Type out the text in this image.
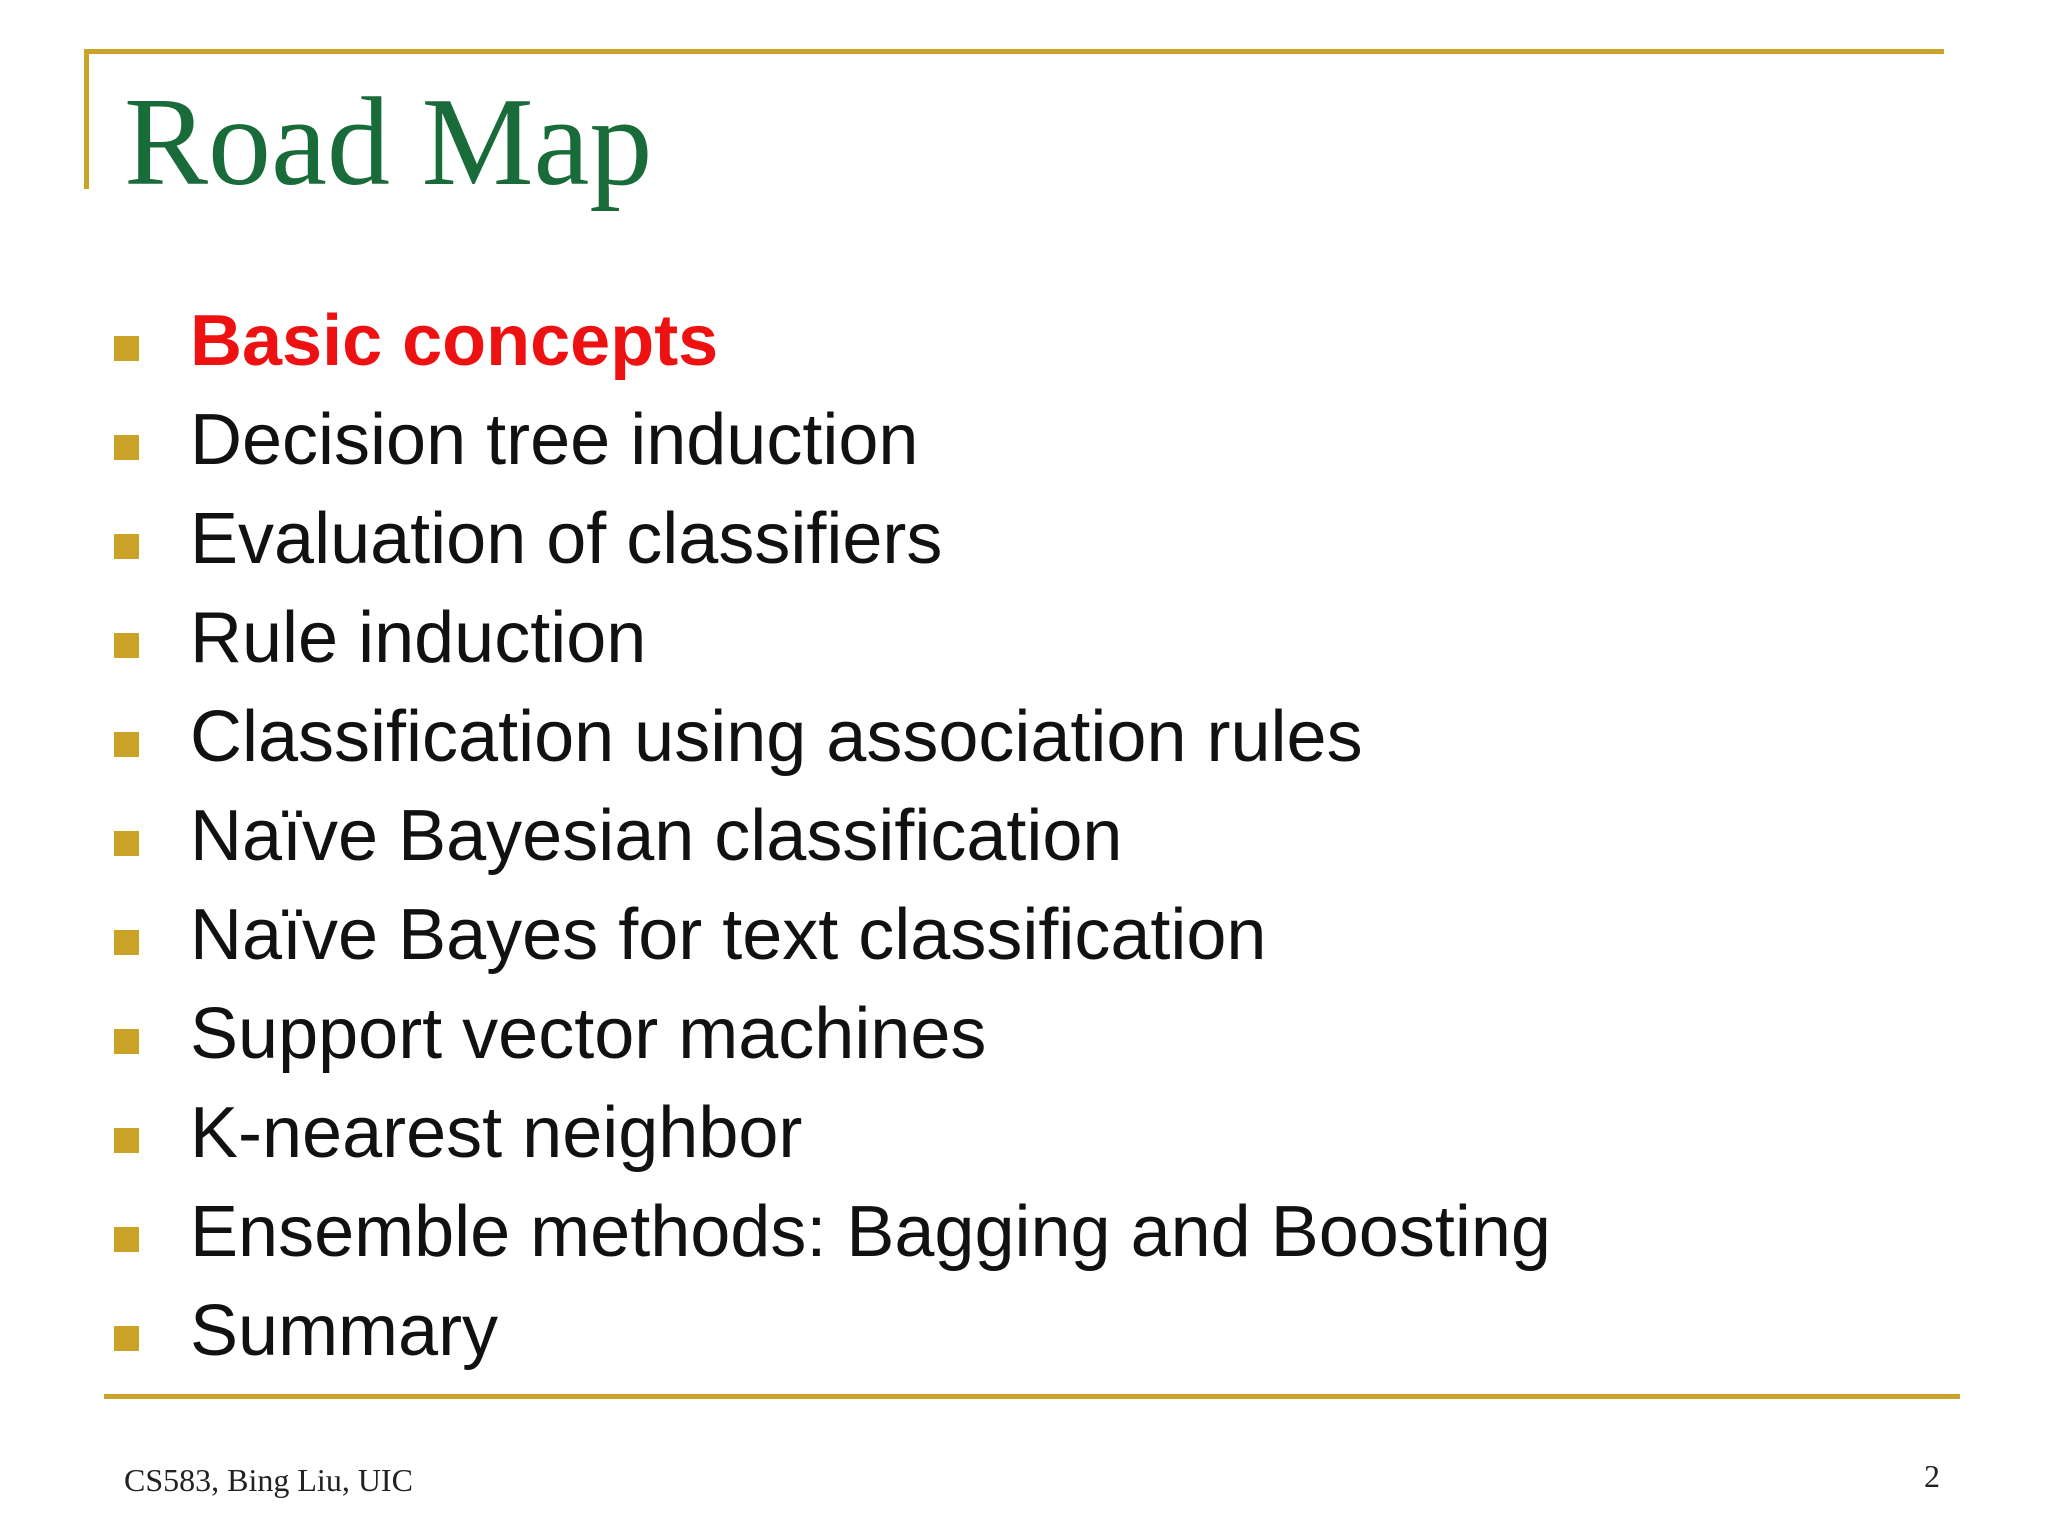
Road Map
Basic concepts
Decision tree induction
Evaluation of classifiers
Rule induction
Classification using association rules
Naïve Bayesian classification
Naïve Bayes for text classification
Support vector machines
K-nearest neighbor
Ensemble methods: Bagging and Boosting
Summary
CS583, Bing Liu, UIC	2
